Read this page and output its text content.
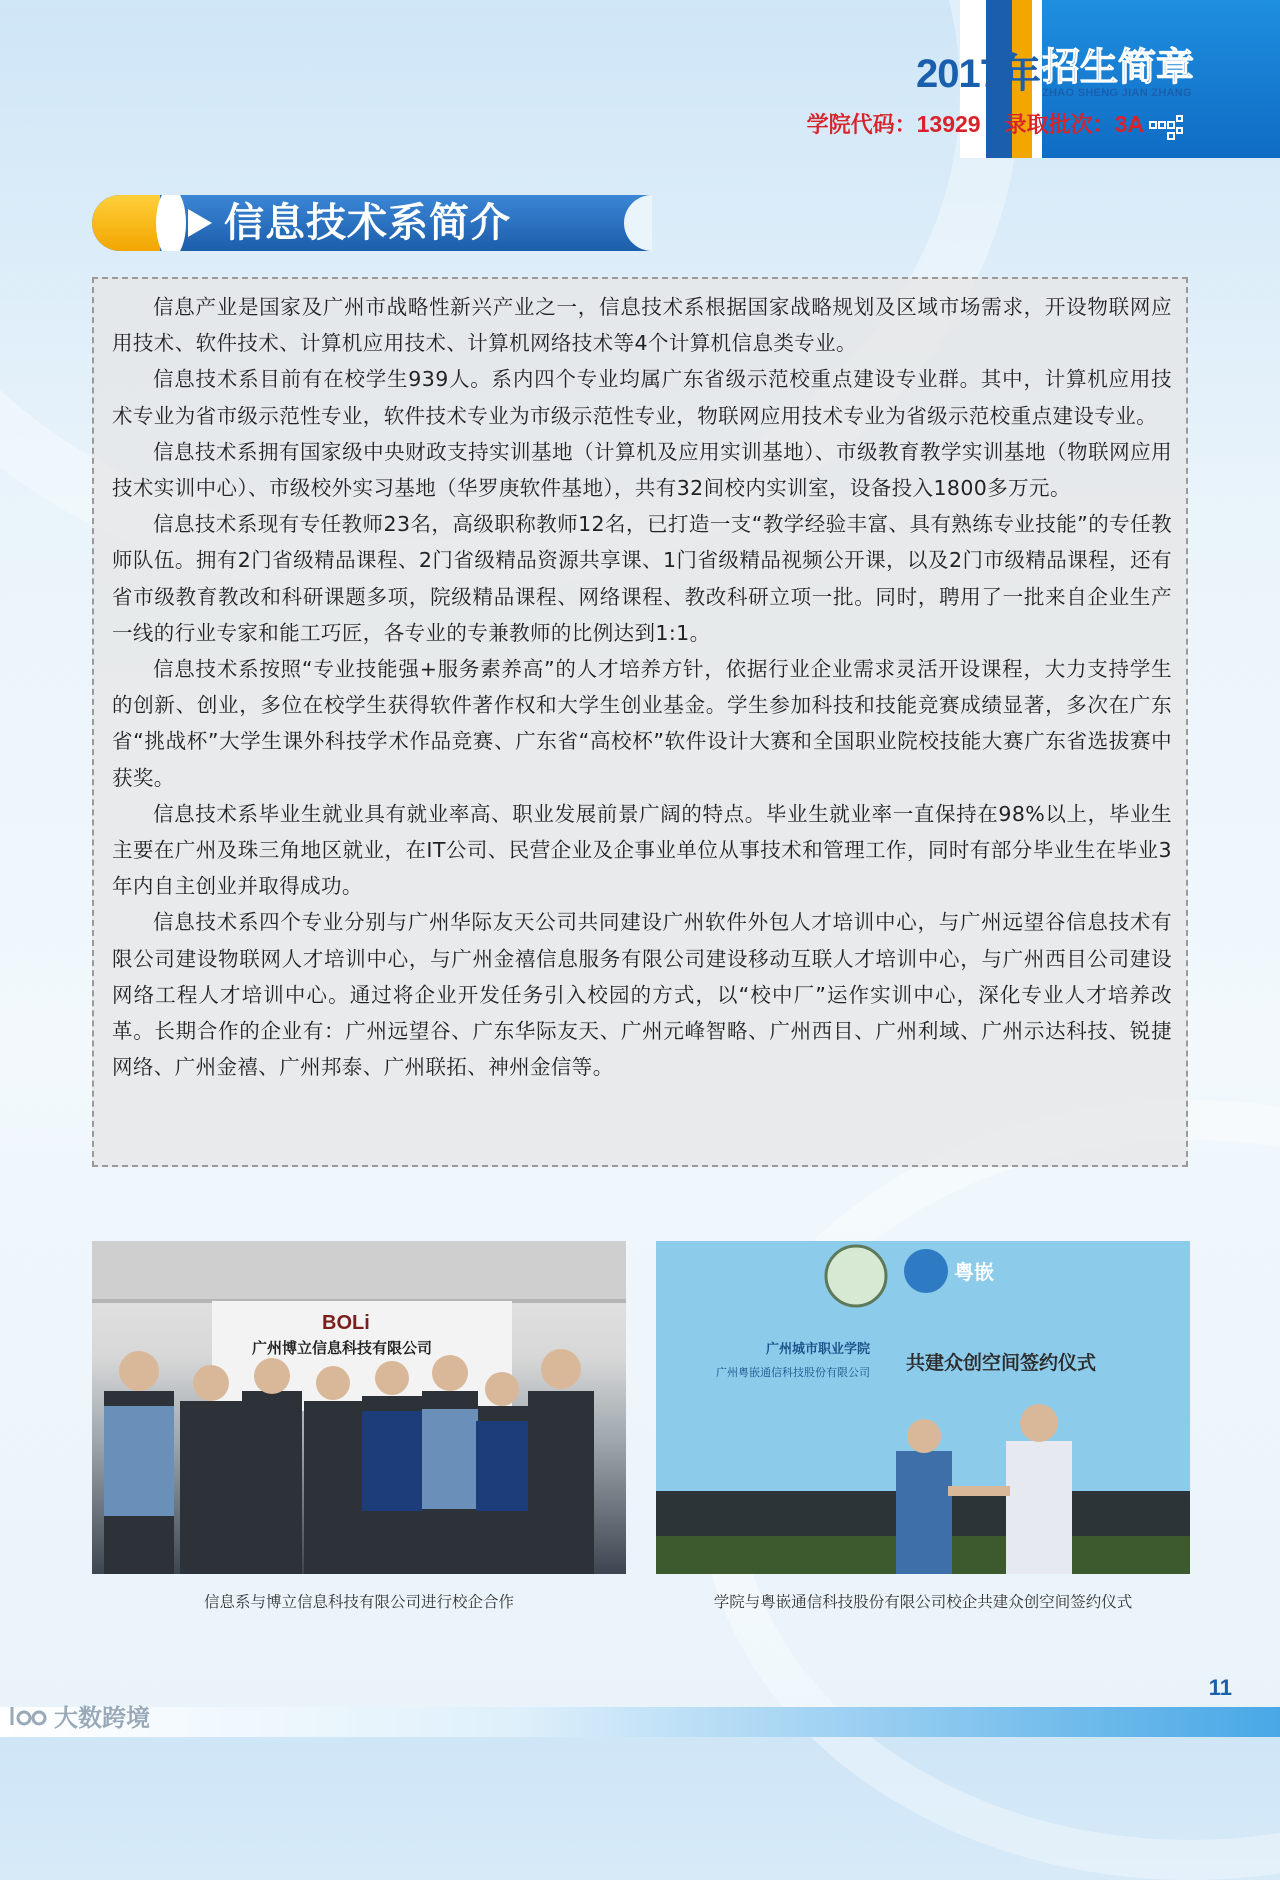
2017年 招生简章
ZHAO SHENG JIAN ZHANG
学院代码：13929 录取批次：3A
信息技术系简介

信息产业是国家及广州市战略性新兴产业之一，信息技术系根据国家战略规划及区域市场需求，开设物联网应用技术、软件技术、计算机应用技术、计算机网络技术等4个计算机信息类专业。

信息技术系目前有在校学生939人。系内四个专业均属广东省级示范校重点建设专业群。其中，计算机应用技术专业为省市级示范性专业，软件技术专业为市级示范性专业，物联网应用技术专业为省级示范校重点建设专业。

信息技术系拥有国家级中央财政支持实训基地（计算机及应用实训基地）、市级教育教学实训基地（物联网应用技术实训中心）、市级校外实习基地（华罗庚软件基地），共有32间校内实训室，设备投入1800多万元。

信息技术系现有专任教师23名，高级职称教师12名，已打造一支“教学经验丰富、具有熟练专业技能”的专任教师队伍。拥有2门省级精品课程、2门省级精品资源共享课、1门省级精品视频公开课，以及2门市级精品课程，还有省市级教育教改和科研课题多项，院级精品课程、网络课程、教改科研立项一批。同时，聘用了一批来自企业生产一线的行业专家和能工巧匠，各专业的专兼教师的比例达到1:1。

信息技术系按照“专业技能强+服务素养高”的人才培养方针，依据行业企业需求灵活开设课程，大力支持学生的创新、创业，多位在校学生获得软件著作权和大学生创业基金。学生参加科技和技能竞赛成绩显著，多次在广东省“挑战杯”大学生课外科技学术作品竞赛、广东省“高校杯”软件设计大赛和全国职业院校技能大赛广东省选拔赛中获奖。

信息技术系毕业生就业具有就业率高、职业发展前景广阔的特点。毕业生就业率一直保持在98%以上，毕业生主要在广州及珠三角地区就业，在IT公司、民营企业及企事业单位从事技术和管理工作，同时有部分毕业生在毕业3年内自主创业并取得成功。

信息技术系四个专业分别与广州华际友天公司共同建设广州软件外包人才培训中心，与广州远望谷信息技术有限公司建设物联网人才培训中心，与广州金禧信息服务有限公司建设移动互联人才培训中心，与广州西目公司建设网络工程人才培训中心。通过将企业开发任务引入校园的方式，以“校中厂”运作实训中心，深化专业人才培养改革。长期合作的企业有：广州远望谷、广东华际友天、广州元峰智略、广州西目、广州利域、广州示达科技、锐捷网络、广州金禧、广州邦泰、广州联拓、神州金信等。

BOLi
广州博立信息科技有限公司
信息系与博立信息科技有限公司进行校企合作
粤嵌
广州城市职业学院
广州粤嵌通信科技股份有限公司 共建众创空间签约仪式
学院与粤嵌通信科技股份有限公司校企共建众创空间签约仪式
11
大数跨境
